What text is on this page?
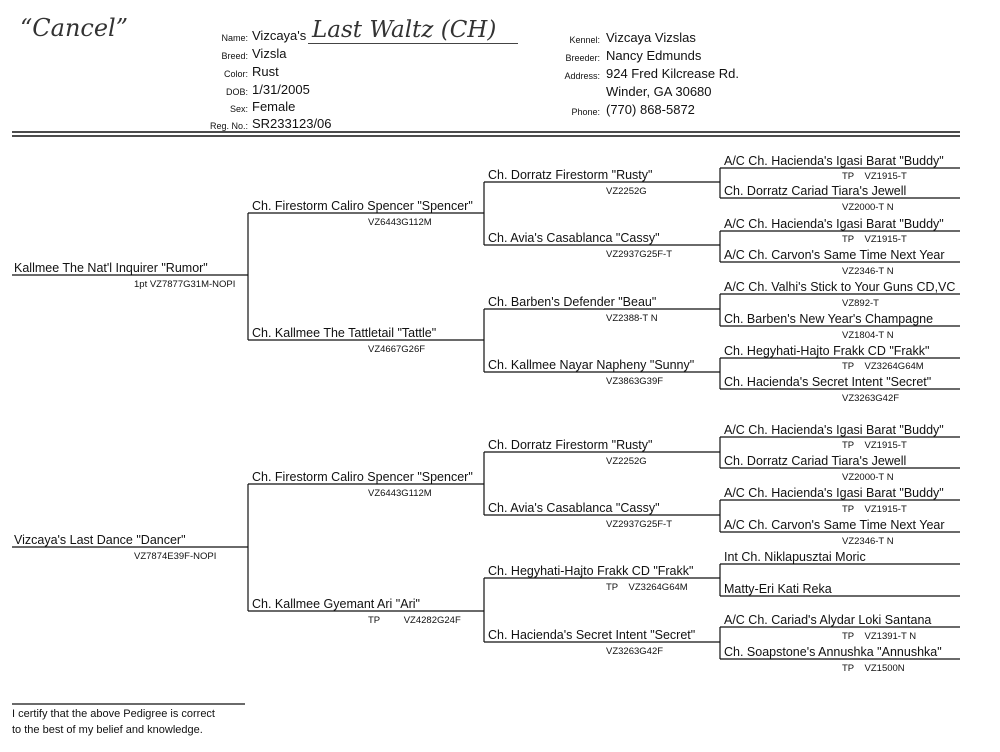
“Cancel”	Name: Vizcaya's Last Waltz (CH)
Breed: Vizsla
Color: Rust
DOB: 1/31/2005
Sex: Female
Reg. No.: SR233123/06
Kennel: Vizcaya Vizslas
Breeder: Nancy Edmunds
Address: 924 Fred Kilcrease Rd.
Winder, GA 30680
Phone: (770) 868-5872
Kallmee The Nat'l Inquirer "Rumor"
1pt VZ7877G31M-NOPI
Vizcaya's Last Dance "Dancer"
VZ7874E39F-NOPI
Ch. Firestorm Caliro Spencer "Spencer"
VZ6443G112M
Ch. Kallmee The Tattletail "Tattle"
VZ4667G26F
Ch. Firestorm Caliro Spencer "Spencer"
VZ6443G112M
Ch. Kallmee Gyemant Ari "Ari"
TP         VZ4282G24F
Ch. Dorratz Firestorm "Rusty"
VZ2252G
Ch. Avia's Casablanca "Cassy"
VZ2937G25F-T
Ch. Barben's Defender "Beau"
VZ2388-T N
Ch. Kallmee Nayar Napheny "Sunny"
VZ3863G39F
Ch. Dorratz Firestorm "Rusty"
VZ2252G
Ch. Avia's Casablanca "Cassy"
VZ2937G25F-T
Ch. Hegyhati-Hajto Frakk CD "Frakk"
TP    VZ3264G64M
Ch. Hacienda's Secret Intent "Secret"
VZ3263G42F
A/C Ch. Hacienda's Igasi Barat "Buddy"
TP    VZ1915-T
Ch. Dorratz Cariad Tiara's Jewell
VZ2000-T N
A/C Ch. Hacienda's Igasi Barat "Buddy"
TP    VZ1915-T
A/C Ch. Carvon's Same Time Next Year
VZ2346-T N
A/C Ch. Valhi's Stick to Your Guns CD,VC
VZ892-T
Ch. Barben's New Year's Champagne
VZ1804-T N
Ch. Hegyhati-Hajto Frakk CD "Frakk"
TP    VZ3264G64M
Ch. Hacienda's Secret Intent "Secret"
VZ3263G42F
A/C Ch. Hacienda's Igasi Barat "Buddy"
TP    VZ1915-T
Ch. Dorratz Cariad Tiara's Jewell
VZ2000-T N
A/C Ch. Hacienda's Igasi Barat "Buddy"
TP    VZ1915-T
A/C Ch. Carvon's Same Time Next Year
VZ2346-T N
Int Ch. Niklapusztai Moric
Matty-Eri Kati Reka
A/C Ch. Cariad's Alydar Loki Santana
TP    VZ1391-T N
Ch. Soapstone's Annushka "Annushka"
TP    VZ1500N
I certify that the above Pedigree is correct
to the best of my belief and knowledge.
